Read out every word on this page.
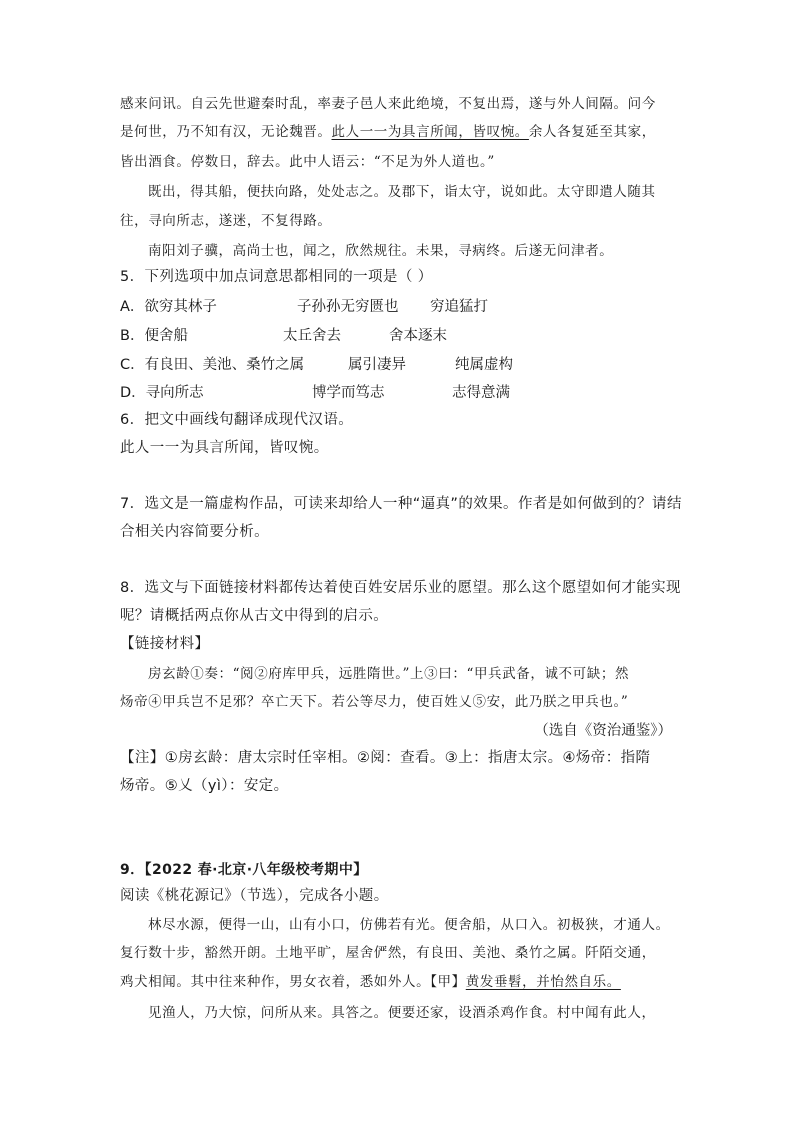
感来问讯。自云先世避秦时乱，率妻子邑人来此绝境，不复出焉，遂与外人间隔。问今
是何世，乃不知有汉，无论魏晋。此人一一为具言所闻，皆叹惋。余人各复延至其家，
皆出酒食。停数日，辞去。此中人语云：“不足为外人道也。”
既出，得其船，便扶向路，处处志之。及郡下，诣太守，说如此。太守即遣人随其
往，寻向所志，遂迷，不复得路。
南阳刘子骥，高尚士也，闻之，欣然规往。未果，寻病终。后遂无问津者。
5．下列选项中加点词意思都相同的一项是（ ）
A．欲穷其林子	子孙孙无穷匮也 穷追猛打
B．便舍船	太丘舍去	舍本逐末
C．有良田、美池、桑竹之属	属引凄异	纯属虚构
D．寻向所志	博学而笃志	志得意满
6．把文中画线句翻译成现代汉语。
此人一一为具言所闻，皆叹惋。
7．选文是一篇虚构作品，可读来却给人一种“逼真”的效果。作者是如何做到的？请结
合相关内容简要分析。
8．选文与下面链接材料都传达着使百姓安居乐业的愿望。那么这个愿望如何才能实现
呢？请概括两点你从古文中得到的启示。
【链接材料】
房玄龄①奏：“阅②府库甲兵，远胜隋世。”上③曰：“甲兵武备，诚不可缺；然
炀帝④甲兵岂不足邪？卒亡天下。若公等尽力，使百姓乂⑤安，此乃朕之甲兵也。”
（选自《资治通鉴》）
【注】①房玄龄：唐太宗时任宰相。②阅：查看。③上：指唐太宗。④炀帝：指隋
炀帝。⑤乂（yì）：安定。
9．【2022 春·北京·八年级校考期中】
阅读《桃花源记》（节选），完成各小题。
林尽水源，便得一山，山有小口，仿佛若有光。便舍船，从口入。初极狭，才通人。
复行数十步，豁然开朗。土地平旷，屋舍俨然，有良田、美池、桑竹之属。阡陌交通，
鸡犬相闻。其中往来种作，男女衣着，悉如外人。【甲】黄发垂髫，并怡然自乐。
见渔人，乃大惊，问所从来。具答之。便要还家，设酒杀鸡作食。村中闻有此人，
